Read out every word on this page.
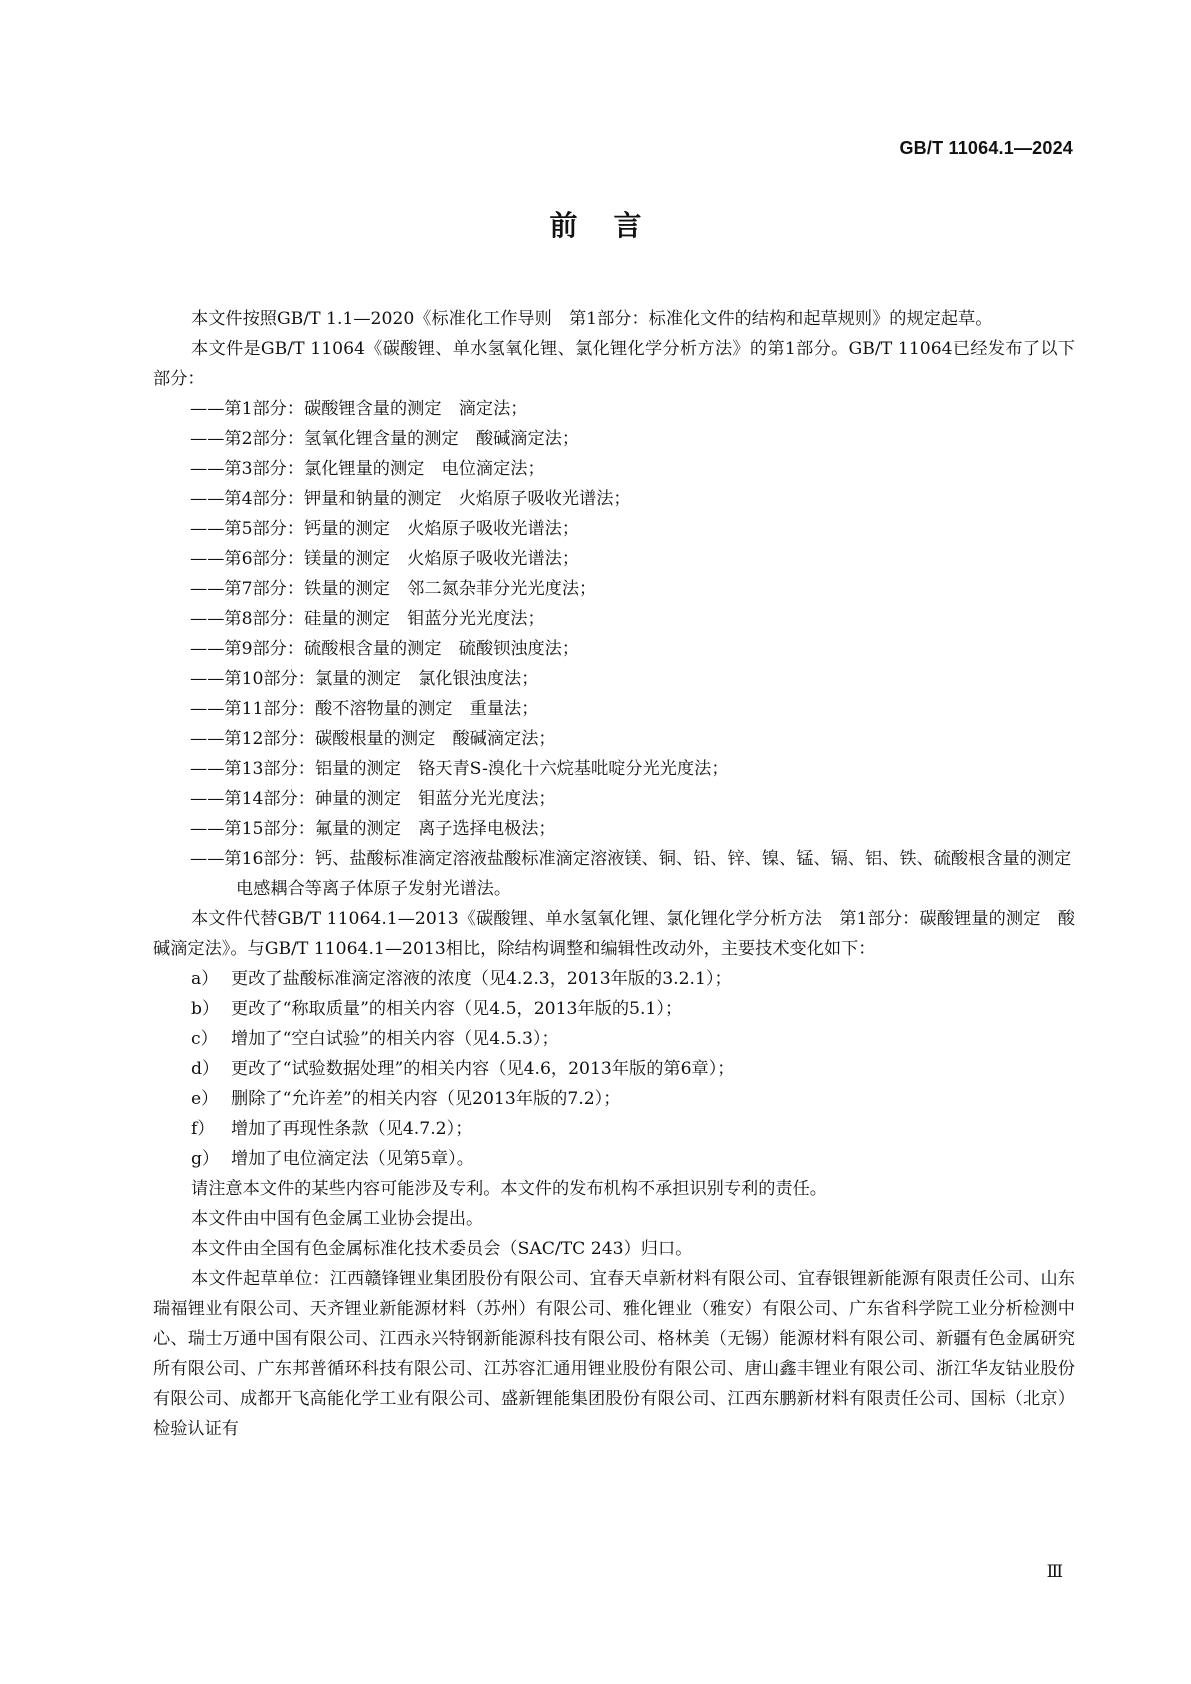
GB/T 11064.1—2024
前言

本文件按照GB/T 1.1—2020《标准化工作导则　第1部分：标准化文件的结构和起草规则》的规定起草。

本文件是GB/T 11064《碳酸锂、单水氢氧化锂、氯化锂化学分析方法》的第1部分。GB/T 11064已经发布了以下部分：

——第1部分：碳酸锂含量的测定　滴定法；
——第2部分：氢氧化锂含量的测定　酸碱滴定法；
——第3部分：氯化锂量的测定　电位滴定法；
——第4部分：钾量和钠量的测定　火焰原子吸收光谱法；
——第5部分：钙量的测定　火焰原子吸收光谱法；
——第6部分：镁量的测定　火焰原子吸收光谱法；
——第7部分：铁量的测定　邻二氮杂菲分光光度法；
——第8部分：硅量的测定　钼蓝分光光度法；
——第9部分：硫酸根含量的测定　硫酸钡浊度法；
——第10部分：氯量的测定　氯化银浊度法；
——第11部分：酸不溶物量的测定　重量法；
——第12部分：碳酸根量的测定　酸碱滴定法；
——第13部分：铝量的测定　铬天青S-溴化十六烷基吡啶分光光度法；
——第14部分：砷量的测定　钼蓝分光光度法；
——第15部分：氟量的测定　离子选择电极法；
——第16部分：钙、盐酸标准滴定溶液盐酸标准滴定溶液镁、铜、铅、锌、镍、锰、镉、铝、铁、硫酸根含量的测定　电感耦合等离子体原子发射光谱法。

本文件代替GB/T 11064.1—2013《碳酸锂、单水氢氧化锂、氯化锂化学分析方法　第1部分：碳酸锂量的测定　酸碱滴定法》。与GB/T 11064.1—2013相比，除结构调整和编辑性改动外，主要技术变化如下：

a） 更改了盐酸标准滴定溶液的浓度（见4.2.3，2013年版的3.2.1）；
b） 更改了“称取质量”的相关内容（见4.5，2013年版的5.1）；
c） 增加了“空白试验”的相关内容（见4.5.3）；
d） 更改了“试验数据处理”的相关内容（见4.6，2013年版的第6章）；
e） 删除了“允许差”的相关内容（见2013年版的7.2）；
f） 增加了再现性条款（见4.7.2）；
g） 增加了电位滴定法（见第5章）。

请注意本文件的某些内容可能涉及专利。本文件的发布机构不承担识别专利的责任。

本文件由中国有色金属工业协会提出。

本文件由全国有色金属标准化技术委员会（SAC/TC 243）归口。

本文件起草单位：江西赣锋锂业集团股份有限公司、宜春天卓新材料有限公司、宜春银锂新能源有限责任公司、山东瑞福锂业有限公司、天齐锂业新能源材料（苏州）有限公司、雅化锂业（雅安）有限公司、广东省科学院工业分析检测中心、瑞士万通中国有限公司、江西永兴特钢新能源科技有限公司、格林美（无锡）能源材料有限公司、新疆有色金属研究所有限公司、广东邦普循环科技有限公司、江苏容汇通用锂业股份有限公司、唐山鑫丰锂业有限公司、浙江华友钴业股份有限公司、成都开飞高能化学工业有限公司、盛新锂能集团股份有限公司、江西东鹏新材料有限责任公司、国标（北京）检验认证有

Ⅲ
